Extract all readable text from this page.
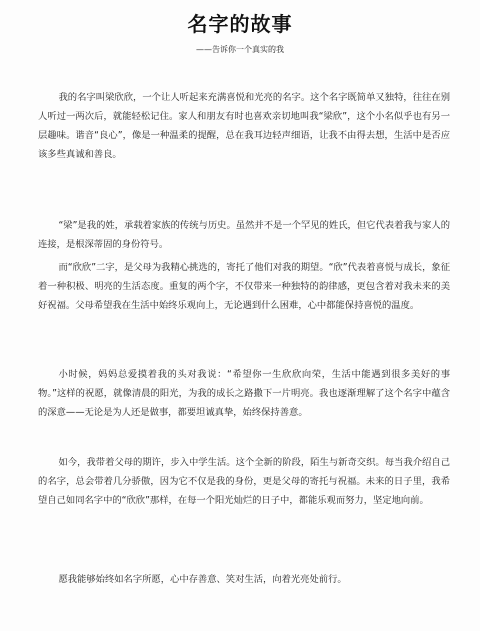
名字的故事
——告诉你一个真实的我

我的名字叫梁欣欣，一个让人听起来充满喜悦和光亮的名字。这个名字既简单又独特，往往在别人听过一两次后，就能轻松记住。家人和朋友有时也喜欢亲切地叫我“梁欣”，这个小名似乎也有另一层趣味。谐音“良心”，像是一种温柔的提醒，总在我耳边轻声细语，让我不由得去想，生活中是否应该多些真诚和善良。

“梁”是我的姓，承载着家族的传统与历史。虽然并不是一个罕见的姓氏，但它代表着我与家人的连接，是根深蒂固的身份符号。

而“欣欣”二字，是父母为我精心挑选的，寄托了他们对我的期望。“欣”代表着喜悦与成长，象征着一种积极、明亮的生活态度。重复的两个字，不仅带来一种独特的韵律感，更包含着对我未来的美好祝福。父母希望我在生活中始终乐观向上，无论遇到什么困难，心中都能保持喜悦的温度。

小时候，妈妈总爱摸着我的头对我说：“希望你一生欣欣向荣，生活中能遇到很多美好的事物。”这样的祝愿，就像清晨的阳光，为我的成长之路撒下一片明亮。我也逐渐理解了这个名字中蕴含的深意——无论是为人还是做事，都要坦诚真挚，始终保持善意。

如今，我带着父母的期许，步入中学生活。这个全新的阶段，陌生与新奇交织。每当我介绍自己的名字，总会带着几分骄傲，因为它不仅是我的身份，更是父母的寄托与祝福。未来的日子里，我希望自己如同名字中的“欣欣”那样，在每一个阳光灿烂的日子中，都能乐观而努力，坚定地向前。

愿我能够始终如名字所愿，心中存善意、笑对生活，向着光亮处前行。
